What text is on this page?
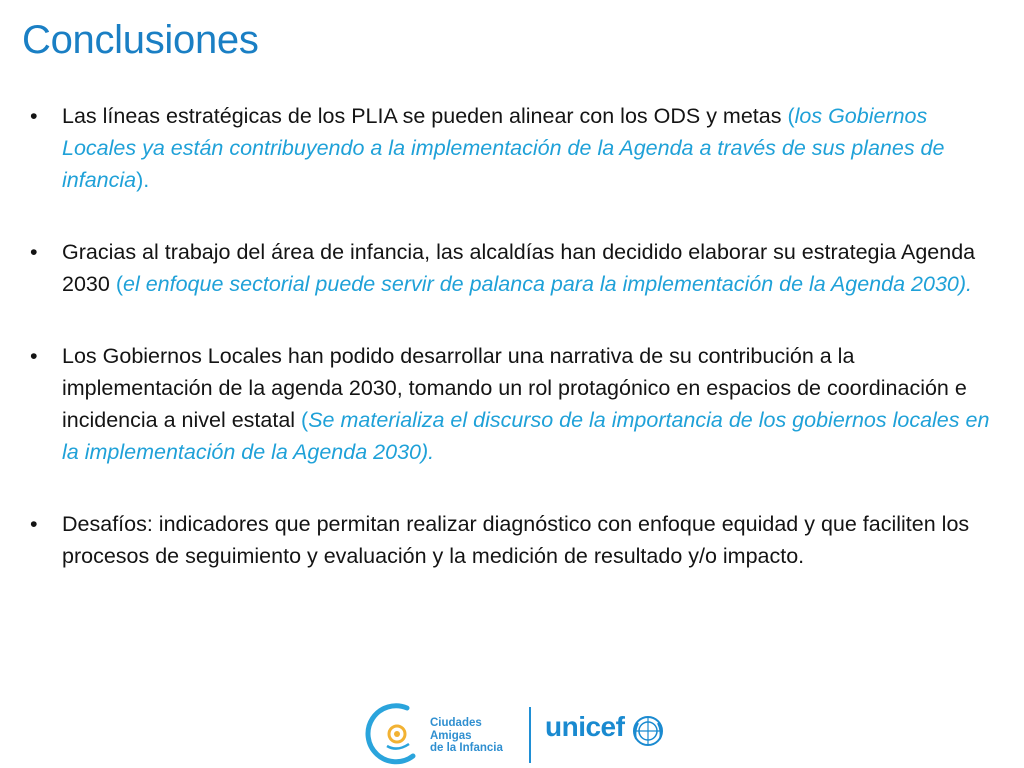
Conclusiones
• Las líneas estratégicas de los PLIA se pueden alinear con los ODS y metas (los Gobiernos Locales ya están contribuyendo a la implementación de la Agenda a través de sus planes de infancia).
• Gracias al trabajo del área de infancia, las alcaldías han decidido elaborar su estrategia Agenda 2030 (el enfoque sectorial puede servir de palanca para la implementación de la Agenda 2030).
• Los Gobiernos Locales han podido desarrollar una narrativa de su contribución a la implementación de la agenda 2030, tomando un rol protagónico en espacios de coordinación e incidencia a nivel estatal (Se materializa el discurso de la importancia de los gobiernos locales en la implementación de la Agenda 2030).
• Desafíos: indicadores que permitan realizar diagnóstico con enfoque equidad y que faciliten los procesos de seguimiento y evaluación y la medición de resultado y/o impacto.
Ciudades
Amigas
de la Infancia
unicef
